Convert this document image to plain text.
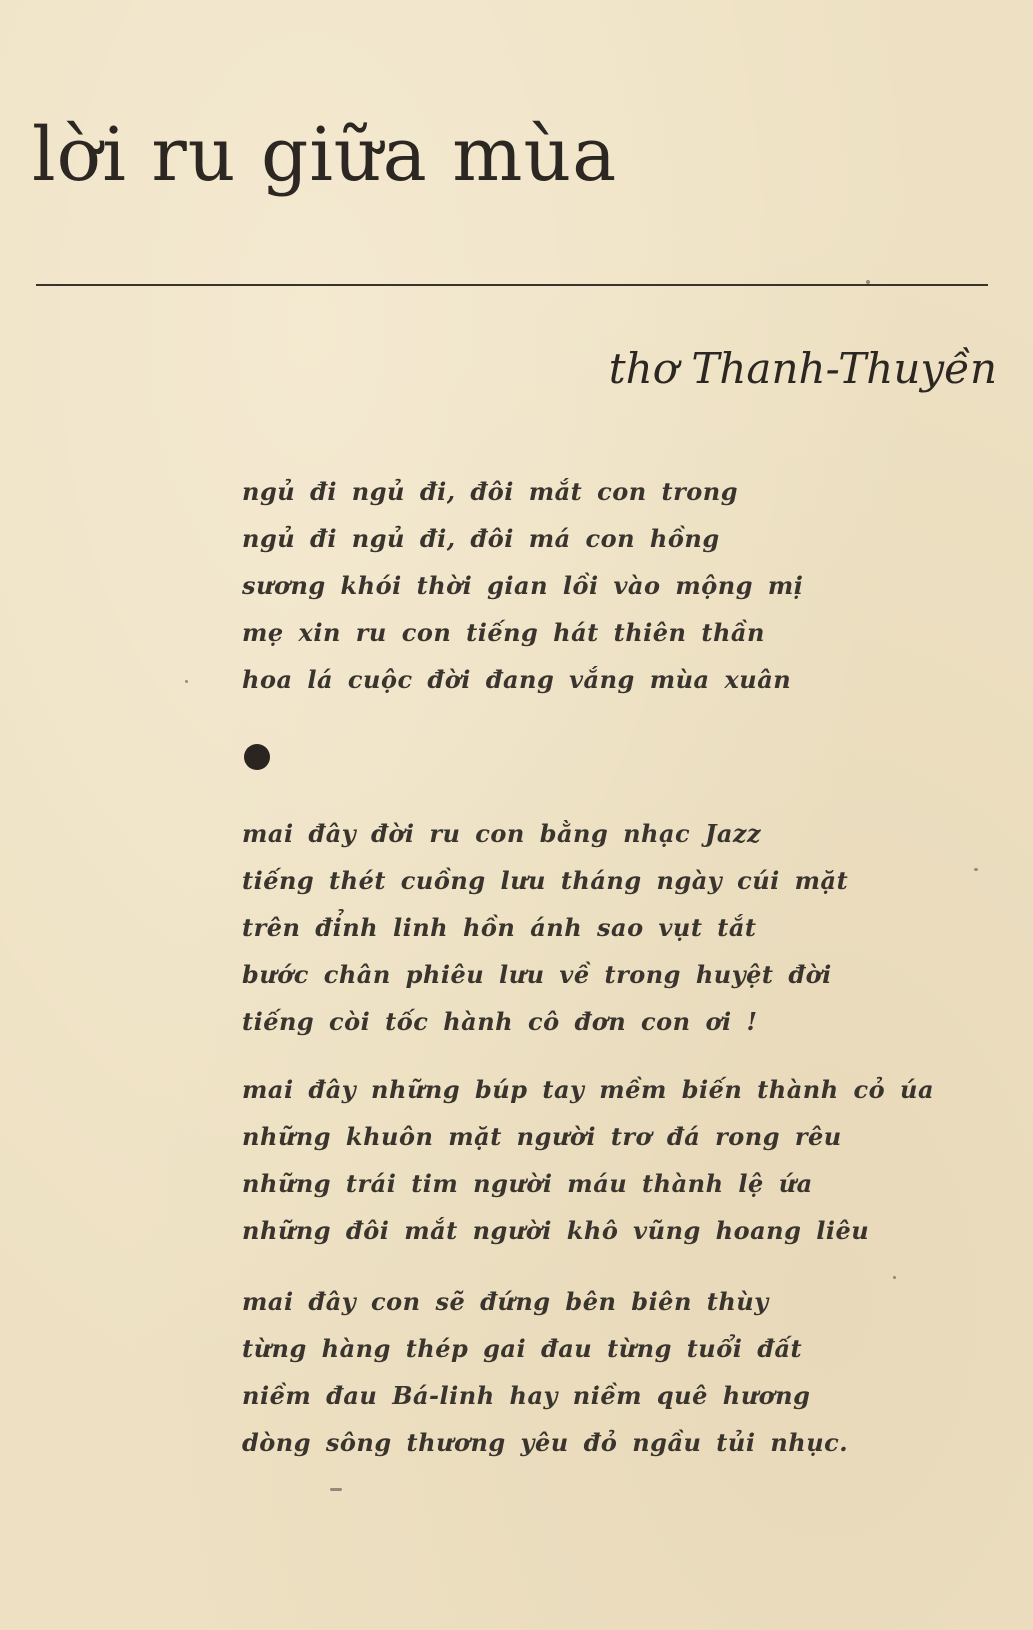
lời ru giữa mùa
thơ Thanh-Thuyền
ngủ đi ngủ đi, đôi mắt con trong
ngủ đi ngủ đi, đôi má con hồng
sương khói thời gian lồi vào mộng mị
mẹ xin ru con tiếng hát thiên thần
hoa lá cuộc đời đang vắng mùa xuân
mai đây đời ru con bằng nhạc Jazz
tiếng thét cuồng lưu tháng ngày cúi mặt
trên đỉnh linh hồn ánh sao vụt tắt
bước chân phiêu lưu về trong huyệt đời
tiếng còi tốc hành cô đơn con ơi !
mai đây những búp tay mềm biến thành cỏ úa
những khuôn mặt người trơ đá rong rêu
những trái tim người máu thành lệ ứa
những đôi mắt người khô vũng hoang liêu
mai đây con sẽ đứng bên biên thùy
từng hàng thép gai đau từng tuổi đất
niềm đau Bá-linh hay niềm quê hương
dòng sông thương yêu đỏ ngầu tủi nhục.
